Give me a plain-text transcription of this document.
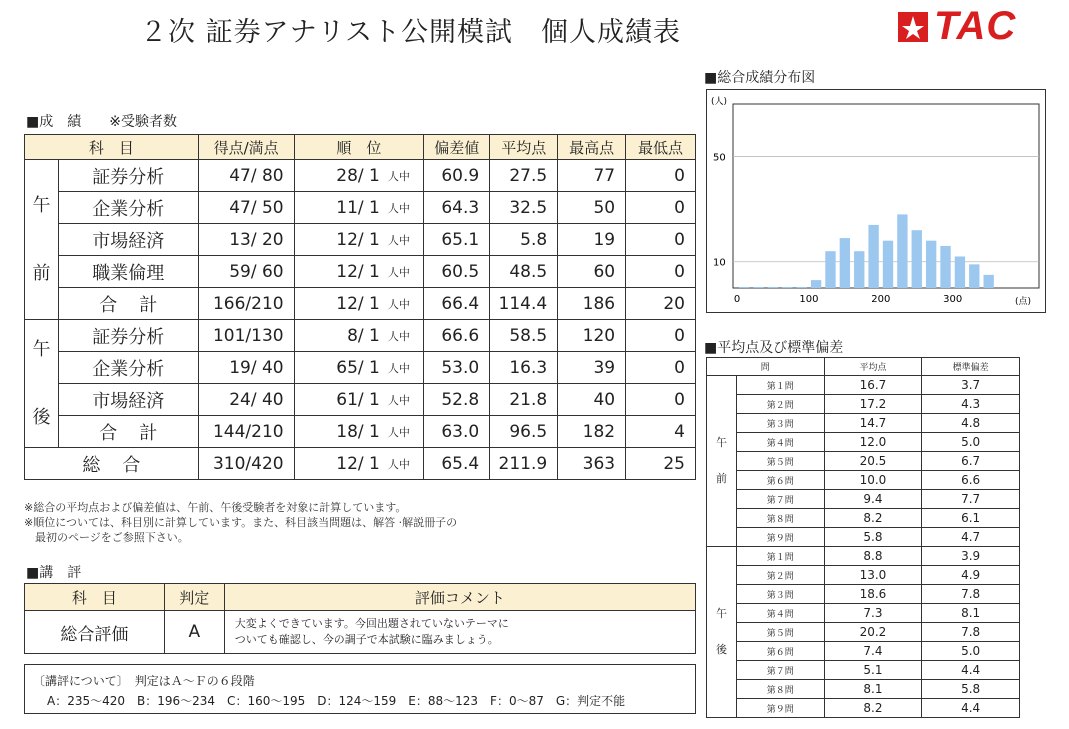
２次 証券アナリスト公開模試　個人成績表	TAC
■成　績　　※受験者数
科　目		得点/満点	順　位		偏差値	平均点	最高点	最低点
午

前	証券分析	47/ 80	28/ 1	人中	60.9	27.5	77	0
	企業分析	47/ 50	11/ 1	人中	64.3	32.5	50	0
	市場経済	13/ 20	12/ 1	人中	65.1	5.8	19	0
	職業倫理	59/ 60	12/ 1	人中	60.5	48.5	60	0
	合計	166/210	12/ 1	人中	66.4	114.4	186	20
午

後	証券分析	101/130	8/ 1	人中	66.6	58.5	120	0
	企業分析	19/ 40	65/ 1	人中	53.0	16.3	39	0
	市場経済	24/ 40	61/ 1	人中	52.8	21.8	40	0
	合計	144/210	18/ 1	人中	63.0	96.5	182	4
総合		310/420	12/ 1	人中	65.4	211.9	363	25
※総合の平均点および偏差値は、午前、午後受験者を対象に計算しています。
※順位については、科目別に計算しています。また、科目該当問題は、解答 ·解説冊子の
　最初のページをご参照下さい。
■講　評
科　目	判定	評価コメント
総合評価	A	大変よくできています。今回出題されていないテーマに
ついても確認し、今の調子で本試験に臨みましょう。
〔講評について〕　判定はＡ～Ｆの６段階
A：235～420　B：196～234　C：160～195　D：124～159　E：88～123　F：0～87　G：判定不能
■総合成績分布図
(人)
10
50
0	100	200	300	(点)
■平均点及び標準偏差
問		平均点	標準偏差
午

前	第１問	16.7	3.7
	第２問	17.2	4.3
	第３問	14.7	4.8
	第４問	12.0	5.0
	第５問	20.5	6.7
	第６問	10.0	6.6
	第７問	9.4	7.7
	第８問	8.2	6.1
	第９問	5.8	4.7
午

後	第１問	8.8	3.9
	第２問	13.0	4.9
	第３問	18.6	7.8
	第４問	7.3	8.1
	第５問	20.2	7.8
	第６問	7.4	5.0
	第７問	5.1	4.4
	第８問	8.1	5.8
	第９問	8.2	4.4
